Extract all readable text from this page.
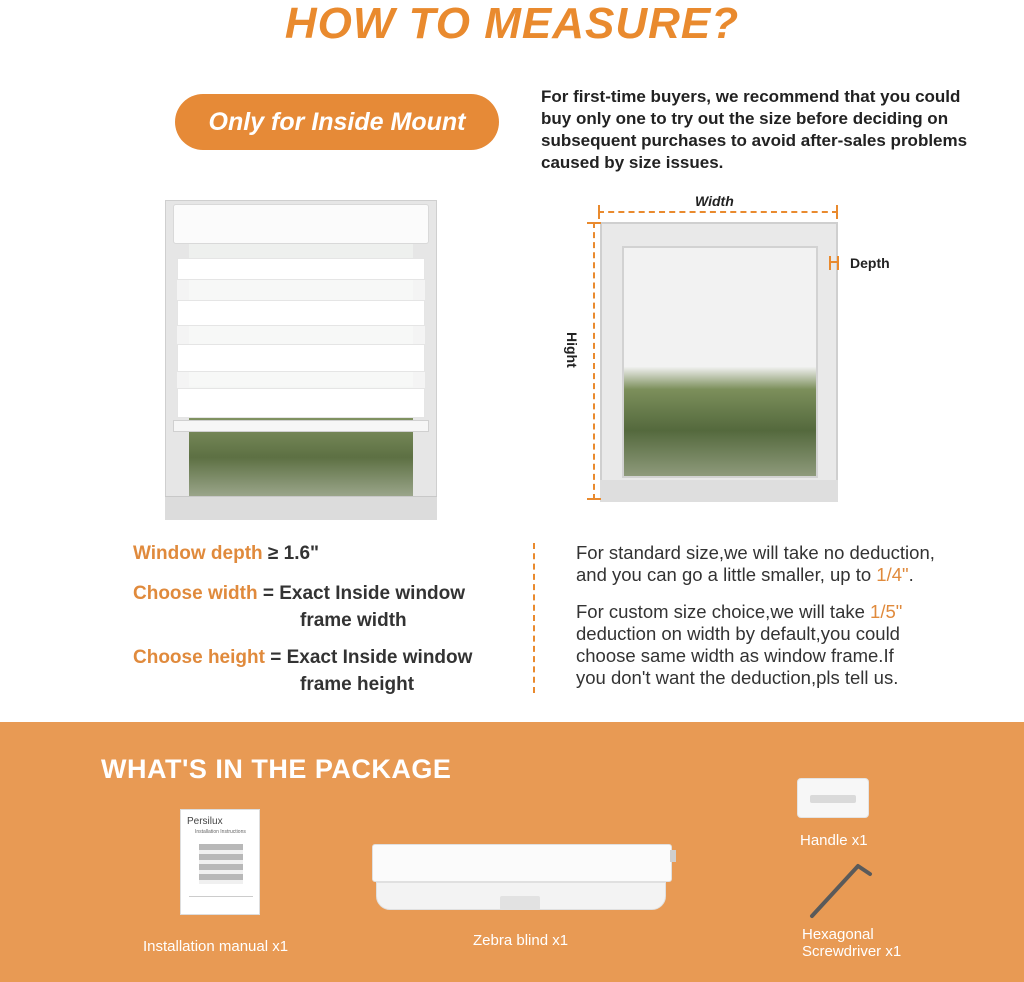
HOW TO MEASURE?
Only for Inside Mount
For first-time buyers, we recommend that you could buy only one to try out the size before deciding on subsequent purchases to avoid after-sales problems caused by size issues.
Width
Depth
Hight
Window depth ≥ 1.6"
Choose width = Exact Inside window
frame width
Choose height = Exact Inside window
frame height
For standard size,we will take no deduction,
and you can go a little smaller, up to 1/4".
For custom size choice,we will take 1/5"
deduction on width by default,you could
choose same width as window frame.If
you don't want the deduction,pls tell us.
WHAT'S IN THE PACKAGE
Persilux
Installation Instructions
Installation manual x1	Zebra blind x1
Handle x1
Hexagonal
Screwdriver x1
